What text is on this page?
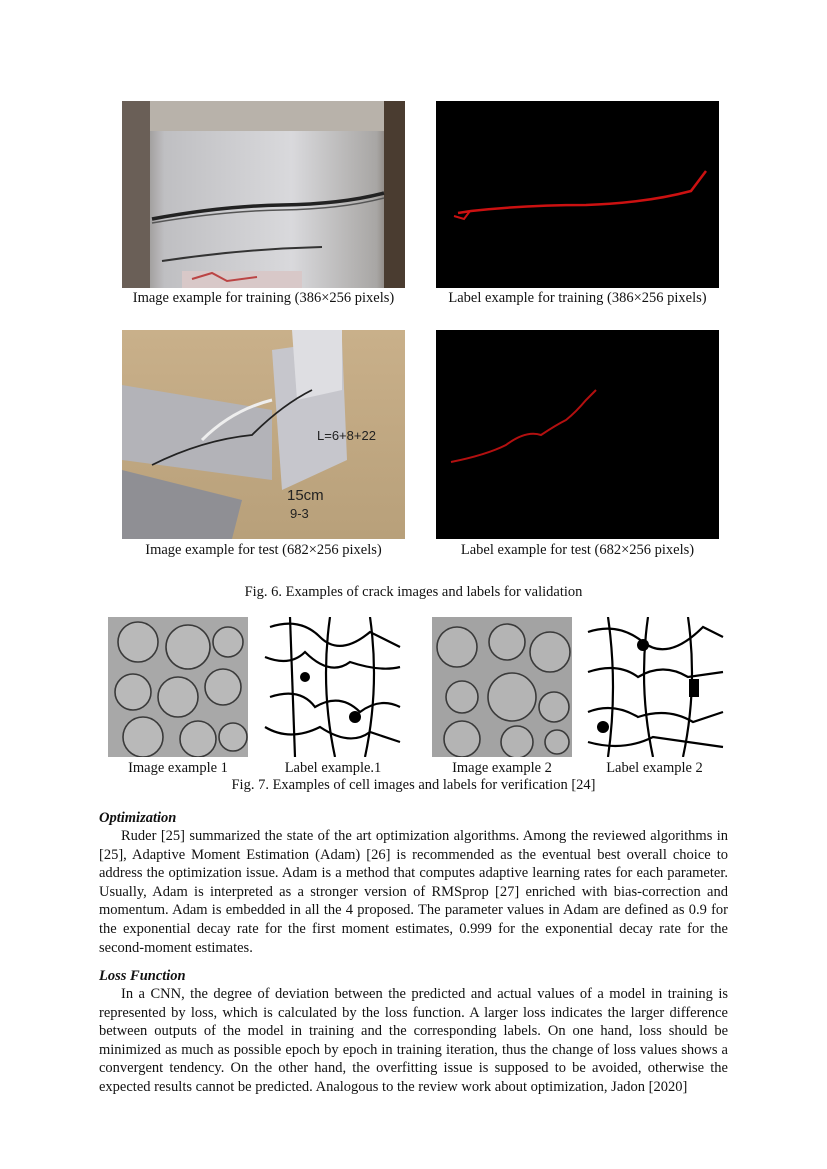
Image example for training (386×256 pixels)	Label example for training (386×256 pixels)
L=6+8+22
15cm
9-3
Image example for test (682×256 pixels)	Label example for test (682×256 pixels)
Fig. 6. Examples of crack images and labels for validation
Image example 1	Label example.1	Image example 2	Label example 2
Fig. 7. Examples of cell images and labels for verification [24]
Optimization

Ruder [25] summarized the state of the art optimization algorithms. Among the reviewed algorithms in [25], Adaptive Moment Estimation (Adam) [26] is recommended as the eventual best overall choice to address the optimization issue. Adam is a method that computes adaptive learning rates for each parameter. Usually, Adam is interpreted as a stronger version of RMSprop [27] enriched with bias-correction and momentum. Adam is embedded in all the 4 proposed. The parameter values in Adam are defined as 0.9 for the exponential decay rate for the first moment estimates, 0.999 for the exponential decay rate for the second-moment estimates.

Loss Function

In a CNN, the degree of deviation between the predicted and actual values of a model in training is represented by loss, which is calculated by the loss function. A larger loss indicates the larger difference between outputs of the model in training and the corresponding labels. On one hand, loss should be minimized as much as possible epoch by epoch in training iteration, thus the change of loss values shows a convergent tendency. On the other hand, the overfitting issue is supposed to be avoided, otherwise the expected results cannot be predicted. Analogous to the review work about optimization, Jadon [2020]
